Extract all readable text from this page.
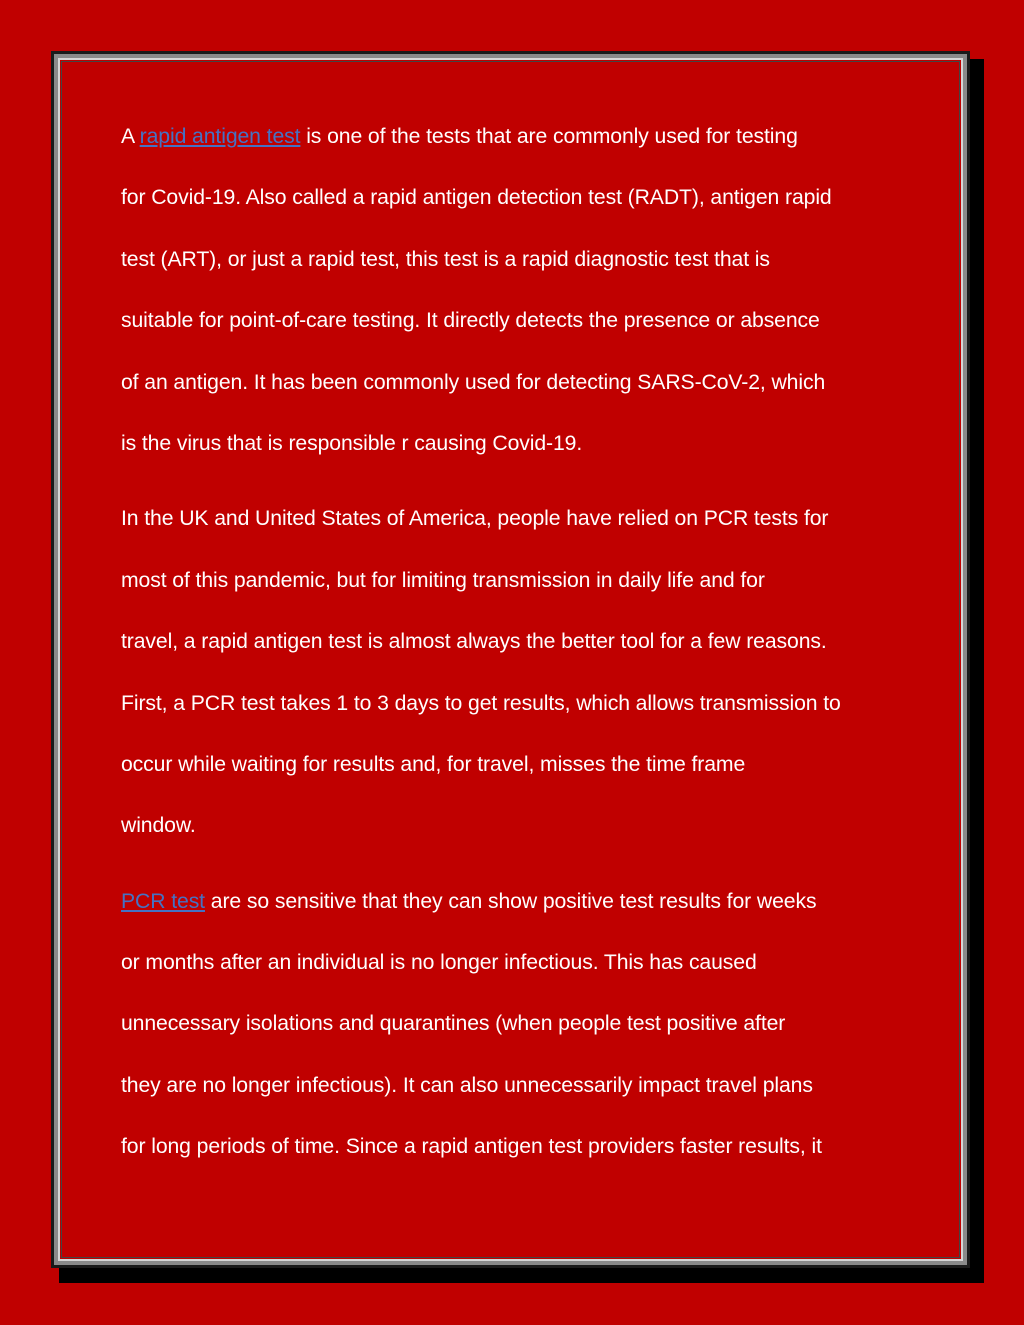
A rapid antigen test is one of the tests that are commonly used for testing
for Covid-19. Also called a rapid antigen detection test (RADT), antigen rapid
test (ART), or just a rapid test, this test is a rapid diagnostic test that is
suitable for point-of-care testing. It directly detects the presence or absence
of an antigen. It has been commonly used for detecting SARS-CoV-2, which
is the virus that is responsible r causing Covid-19.

In the UK and United States of America, people have relied on PCR tests for
most of this pandemic, but for limiting transmission in daily life and for
travel, a rapid antigen test is almost always the better tool for a few reasons.
First, a PCR test takes 1 to 3 days to get results, which allows transmission to
occur while waiting for results and, for travel, misses the time frame
window.

PCR test are so sensitive that they can show positive test results for weeks
or months after an individual is no longer infectious. This has caused
unnecessary isolations and quarantines (when people test positive after
they are no longer infectious). It can also unnecessarily impact travel plans
for long periods of time. Since a rapid antigen test providers faster results, it
